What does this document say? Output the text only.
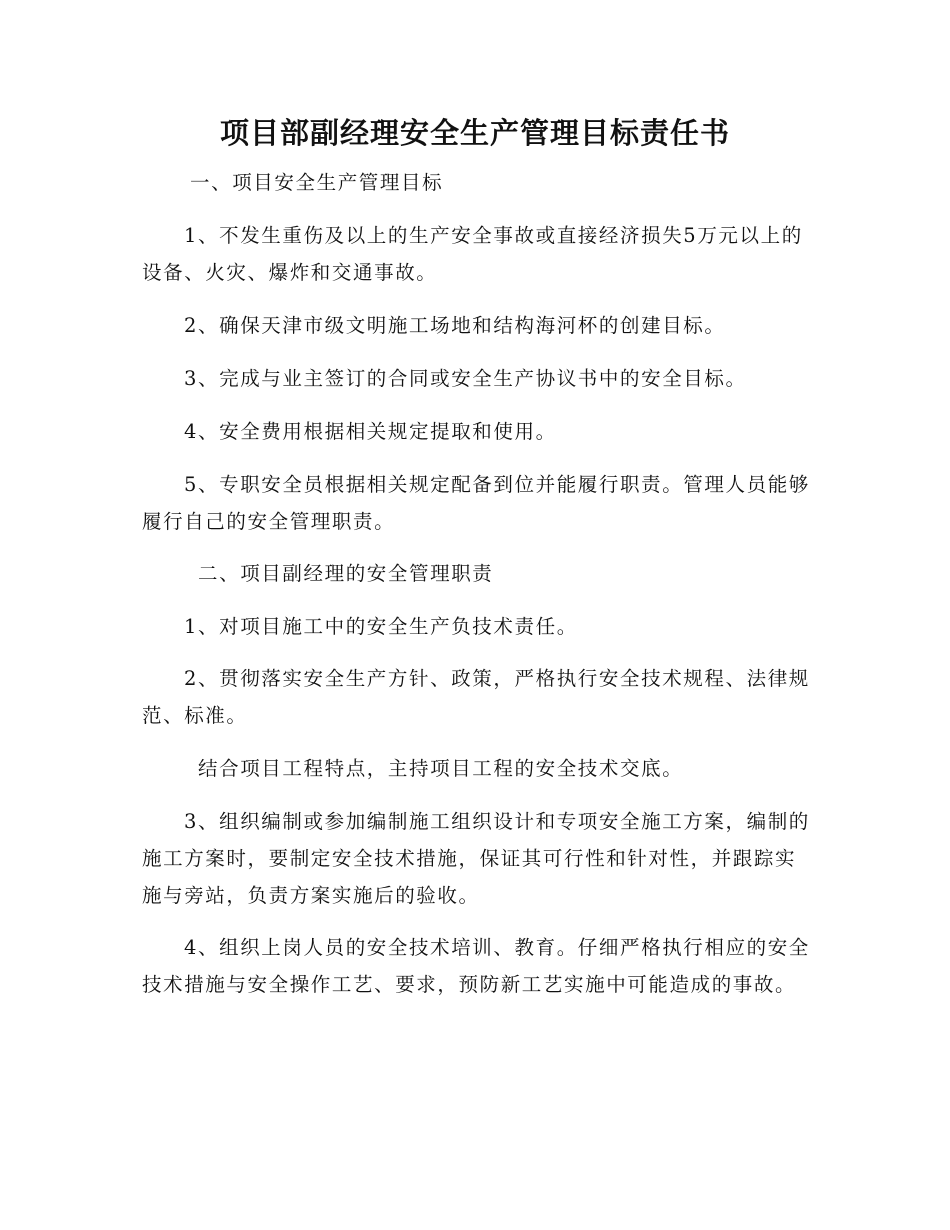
项目部副经理安全生产管理目标责任书

一、项目安全生产管理目标

1、不发生重伤及以上的生产安全事故或直接经济损失5万元以上的设备、火灾、爆炸和交通事故。

2、确保天津市级文明施工场地和结构海河杯的创建目标。

3、完成与业主签订的合同或安全生产协议书中的安全目标。

4、安全费用根据相关规定提取和使用。

5、专职安全员根据相关规定配备到位并能履行职责。管理人员能够履行自己的安全管理职责。

二、项目副经理的安全管理职责

1、对项目施工中的安全生产负技术责任。

2、贯彻落实安全生产方针、政策，严格执行安全技术规程、法律规范、标准。

结合项目工程特点，主持项目工程的安全技术交底。

3、组织编制或参加编制施工组织设计和专项安全施工方案，编制的施工方案时，要制定安全技术措施，保证其可行性和针对性，并跟踪实施与旁站，负责方案实施后的验收。

4、组织上岗人员的安全技术培训、教育。仔细严格执行相应的安全技术措施与安全操作工艺、要求，预防新工艺实施中可能造成的事故。
